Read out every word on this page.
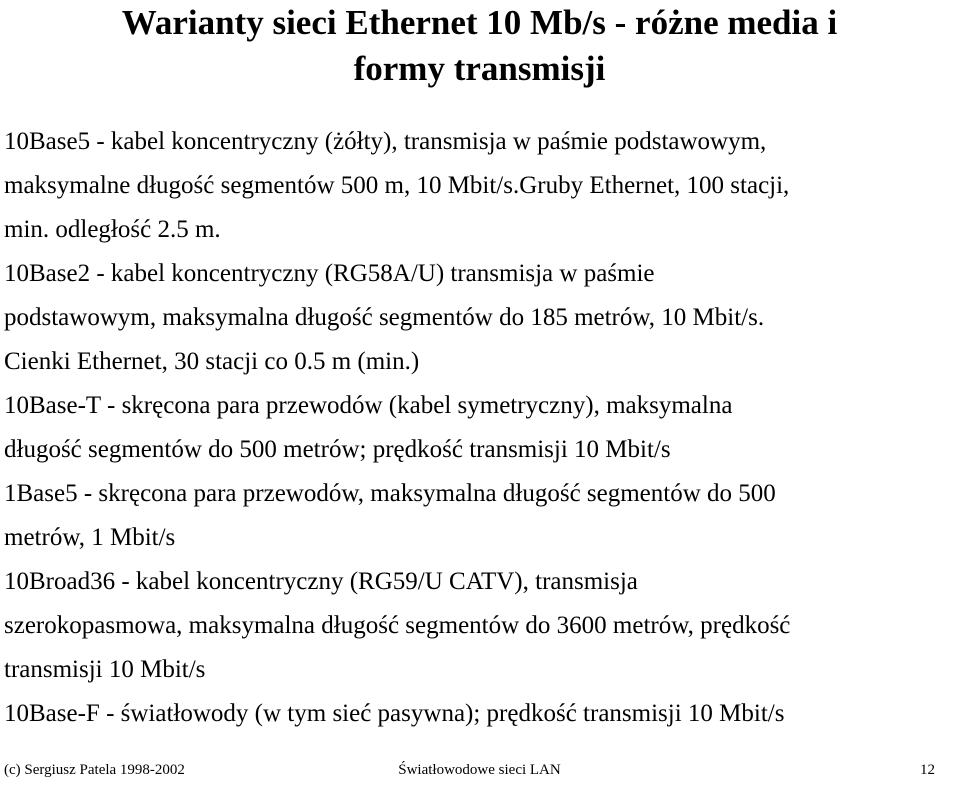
Warianty sieci Ethernet 10 Mb/s - różne media i
formy transmisji

10Base5 - kabel koncentryczny (żółty), transmisja w paśmie podstawowym,
maksymalne długość segmentów 500 m, 10 Mbit/s.Gruby Ethernet, 100 stacji,
min. odległość 2.5 m.

10Base2 - kabel koncentryczny (RG58A/U) transmisja w paśmie
podstawowym, maksymalna długość segmentów do 185 metrów, 10 Mbit/s.
Cienki Ethernet, 30 stacji co 0.5 m (min.)

10Base-T - skręcona para przewodów (kabel symetryczny), maksymalna
długość segmentów do 500 metrów; prędkość transmisji 10 Mbit/s

1Base5 - skręcona para przewodów, maksymalna długość segmentów do 500
metrów, 1 Mbit/s

10Broad36 - kabel koncentryczny (RG59/U CATV), transmisja
szerokopasmowa, maksymalna długość segmentów do 3600 metrów, prędkość
transmisji 10 Mbit/s

10Base-F - światłowody (w tym sieć pasywna); prędkość transmisji 10 Mbit/s

Światłowodowe sieci LAN
(c) Sergiusz Patela 1998-2002	12
